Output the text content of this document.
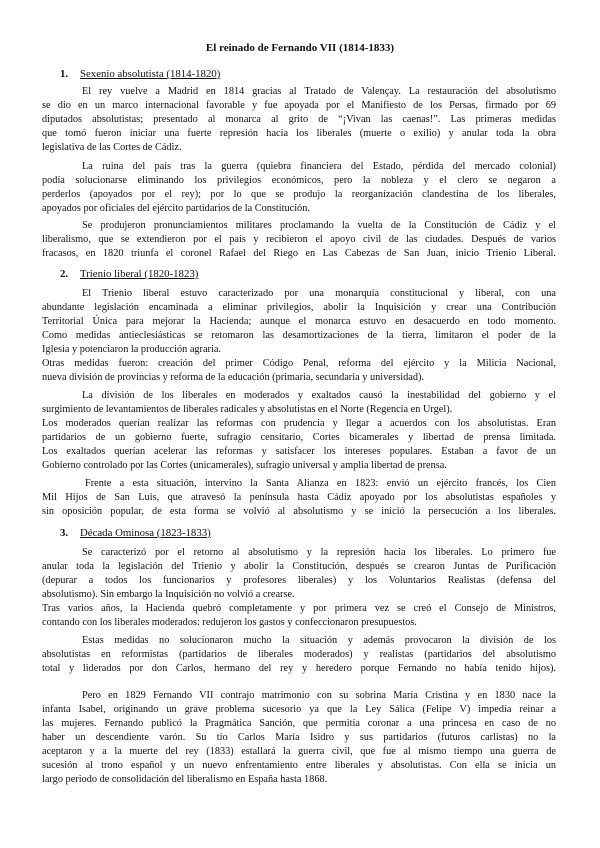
El reinado de Fernando VII (1814-1833)
1. Sexenio absolutista (1814-1820)
El rey vuelve a Madrid en 1814 gracias al Tratado de Valençay. La restauración del absolutismo
se dio en un marco internacional favorable y fue apoyada por el Manifiesto de los Persas, firmado por 69
diputados absolutistas; presentado al monarca al grito de “¡Vivan las caenas!”. Las primeras medidas
que tomó fueron iniciar una fuerte represión hacia los liberales (muerte o exilio) y anular toda la obra
legislativa de las Cortes de Cádiz.
La ruina del país tras la guerra (quiebra financiera del Estado, pérdida del mercado colonial)
podía solucionarse eliminando los privilegios económicos, pero la nobleza y el clero se negaron a
perderlos (apoyados por el rey); por lo que se produjo la reorganización clandestina de los liberales,
apoyados por oficiales del ejército partidarios de la Constitución.
Se produjeron pronunciamientos militares proclamando la vuelta de la Constitución de Cádiz y el
liberalismo, que se extendieron por el país y recibieron el apoyo civil de las ciudades. Después de varios
fracasos, en 1820 triunfa el coronel Rafael del Riego en Las Cabezas de San Juan, inicio Trienio Liberal.
2. Trienio liberal (1820-1823)
El Trienio liberal estuvo caracterizado por una monarquía constitucional y liberal, con una
abundante legislación encaminada a eliminar privilegios, abolir la Inquisición y crear una Contribución
Territorial Única para mejorar la Hacienda; aunque el monarca estuvo en desacuerdo en todo momento.
Como medidas antieclesiásticas se retomaron las desamortizaciones de la tierra, limitaron el poder de la
Iglesia y potenciaron la producción agraria.
Otras medidas fueron: creación del primer Código Penal, reforma del ejército y la Milicia Nacional,
nueva división de provincias y reforma de la educación (primaria, secundaria y universidad).
La división de los liberales en moderados y exaltados causó la inestabilidad del gobierno y el
surgimiento de levantamientos de liberales radicales y absolutistas en el Norte (Regencia en Urgel).
Los moderados querían realizar las reformas con prudencia y llegar a acuerdos con los absolutistas. Eran
partidarios de un gobierno fuerte, sufragio censitario, Cortes bicamerales y libertad de prensa limitada.
Los exaltados querían acelerar las reformas y satisfacer los intereses populares. Estaban a favor de un
Gobierno controlado por las Cortes (unicamerales), sufragio universal y amplia libertad de prensa.
Frente a esta situación, intervino la Santa Alianza en 1823: envió un ejército francés, los Cien
Mil Hijos de San Luis, que atravesó la península hasta Cádiz apoyado por los absolutistas españoles y
sin oposición popular, de esta forma se volvió al absolutismo y se inició la persecución a los liberales.
3. Década Ominosa (1823-1833)
Se caracterizó por el retorno al absolutismo y la represión hacia los liberales. Lo primero fue
anular toda la legislación del Trienio y abolir la Constitución, después se crearon Juntas de Purificación
(depurar a todos los funcionarios y profesores liberales) y los Voluntarios Realistas (defensa del
absolutismo). Sin embargo la Inquisición no volvió a crearse.
Tras varios años, la Hacienda quebró completamente y por primera vez se creó el Consejo de Ministros,
contando con los liberales moderados: redujeron los gastos y confeccionaron presupuestos.
Estas medidas no solucionaron mucho la situación y además provocaron la división de los
absolutistas en reformistas (partidarios de liberales moderados) y realistas (partidarios del absolutismo
total y liderados por don Carlos, hermano del rey y heredero porque Fernando no había tenido hijos).
Pero en 1829 Fernando VII contrajo matrimonio con su sobrina María Cristina y en 1830 nace la
infanta Isabel, originando un grave problema sucesorio ya que la Ley Sálica (Felipe V) impedía reinar a
las mujeres. Fernando publicó la Pragmática Sanción, que permitía coronar a una princesa en caso de no
haber un descendiente varón. Su tío Carlos María Isidro y sus partidarios (futuros carlistas) no la
aceptaron y a la muerte del rey (1833) estallará la guerra civil, que fue al mismo tiempo una guerra de
sucesión al trono español y un nuevo enfrentamiento entre liberales y absolutistas. Con ella se inicia un
largo periodo de consolidación del liberalismo en España hasta 1868.
